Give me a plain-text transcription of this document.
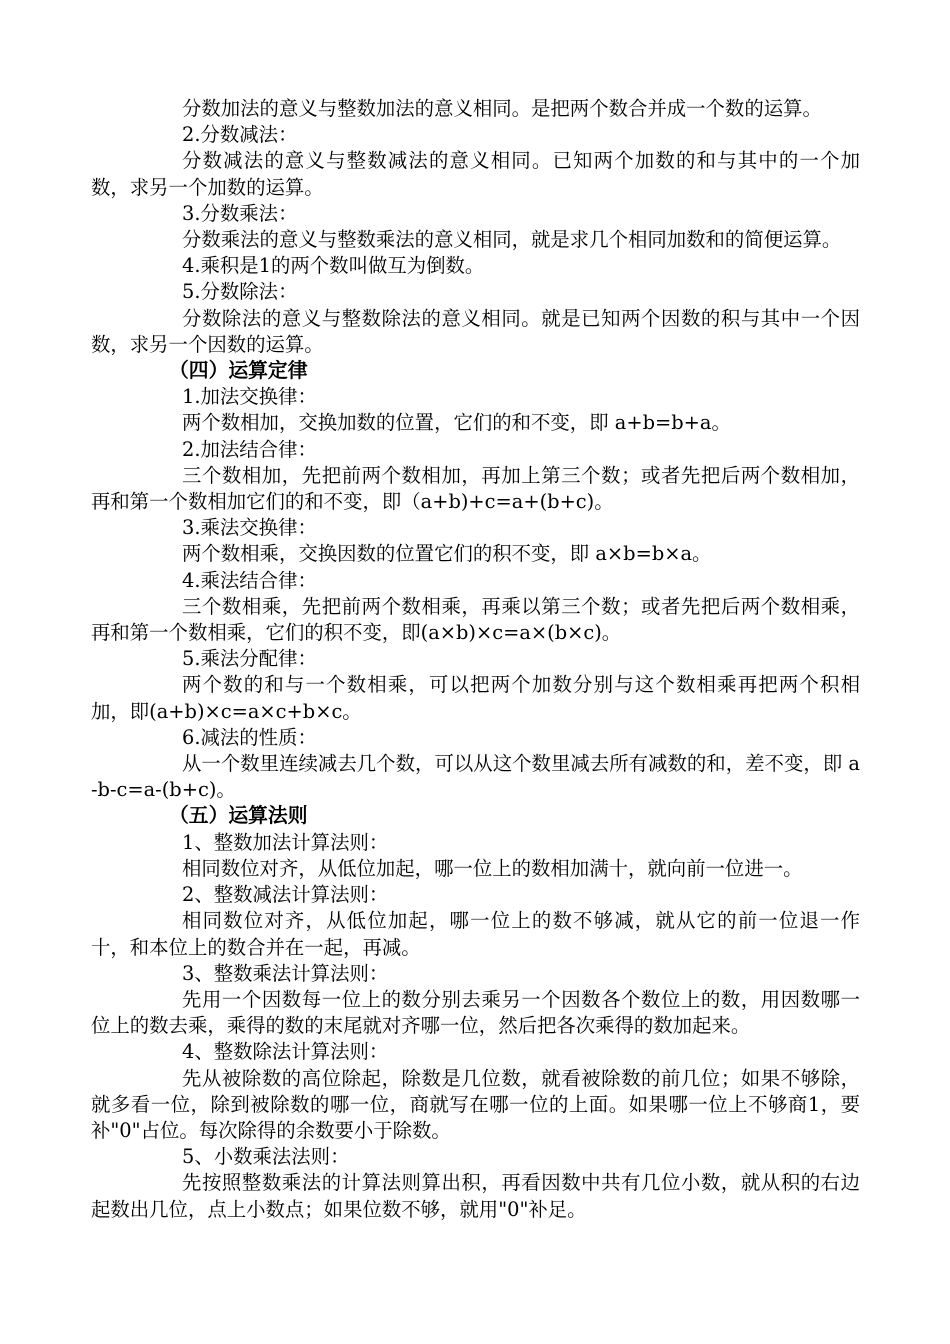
分数加法的意义与整数加法的意义相同。是把两个数合并成一个数的运算。

2.分数减法：

分数减法的意义与整数减法的意义相同。已知两个加数的和与其中的一个加数，求另一个加数的运算。

3.分数乘法：

分数乘法的意义与整数乘法的意义相同，就是求几个相同加数和的简便运算。

4.乘积是1的两个数叫做互为倒数。

5.分数除法：

分数除法的意义与整数除法的意义相同。就是已知两个因数的积与其中一个因数，求另一个因数的运算。

（四）运算定律

1.加法交换律：

两个数相加，交换加数的位置，它们的和不变，即 a+b=b+a。

2.加法结合律：

三个数相加，先把前两个数相加，再加上第三个数；或者先把后两个数相加，再和第一个数相加它们的和不变，即（a+b)+c=a+(b+c)。

3.乘法交换律：

两个数相乘，交换因数的位置它们的积不变，即 a×b=b×a。

4.乘法结合律：

三个数相乘，先把前两个数相乘，再乘以第三个数；或者先把后两个数相乘，再和第一个数相乘，它们的积不变，即(a×b)×c=a×(b×c)。

5.乘法分配律：

两个数的和与一个数相乘，可以把两个加数分别与这个数相乘再把两个积相加，即(a+b)×c=a×c+b×c。

6.减法的性质：

从一个数里连续减去几个数，可以从这个数里减去所有减数的和，差不变，即 a-b-c=a-(b+c)。

（五）运算法则

1、整数加法计算法则：

相同数位对齐，从低位加起，哪一位上的数相加满十，就向前一位进一。

2、整数减法计算法则：

相同数位对齐，从低位加起，哪一位上的数不够减，就从它的前一位退一作十，和本位上的数合并在一起，再减。

3、整数乘法计算法则：

先用一个因数每一位上的数分别去乘另一个因数各个数位上的数，用因数哪一位上的数去乘，乘得的数的末尾就对齐哪一位，然后把各次乘得的数加起来。

4、整数除法计算法则：

先从被除数的高位除起，除数是几位数，就看被除数的前几位；如果不够除，就多看一位，除到被除数的哪一位，商就写在哪一位的上面。如果哪一位上不够商1，要补"0"占位。每次除得的余数要小于除数。

5、小数乘法法则：

先按照整数乘法的计算法则算出积，再看因数中共有几位小数，就从积的右边起数出几位，点上小数点；如果位数不够，就用"0"补足。
